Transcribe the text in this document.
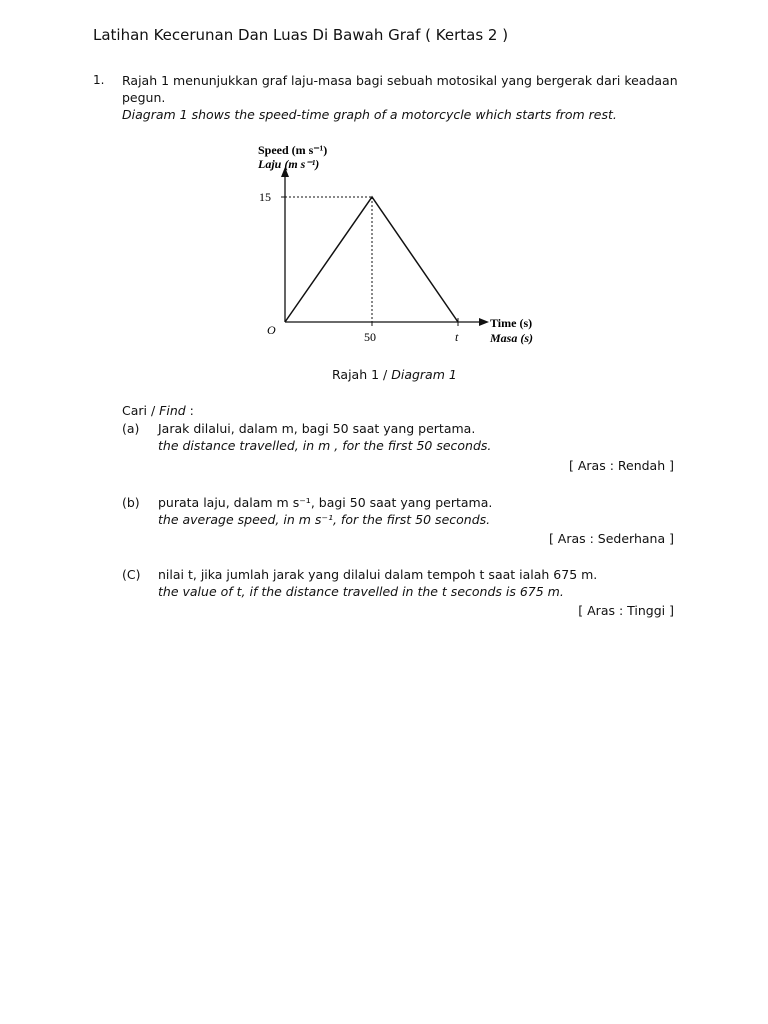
Latihan Kecerunan Dan Luas Di Bawah Graf ( Kertas 2 )
1. Rajah 1 menunjukkan graf laju-masa bagi sebuah motosikal yang bergerak dari keadaan pegun.
Diagram 1 shows the speed-time graph of a motorcycle which starts from rest.
Speed (m s⁻¹)
Laju (m s⁻¹)
15
O	50	t
Time (s)
Masa (s)
Rajah 1 / Diagram 1
Cari / Find :
(a) Jarak dilalui, dalam m, bagi 50 saat yang pertama.
the distance travelled, in m , for the first 50 seconds.
[ Aras : Rendah ]
(b) purata laju, dalam m s⁻¹, bagi 50 saat yang pertama.
the average speed, in m s⁻¹, for the first 50 seconds.
[ Aras : Sederhana ]
(C) nilai t, jika jumlah jarak yang dilalui dalam tempoh t saat ialah 675 m.
the value of t, if the distance travelled in the t seconds is 675 m.
[ Aras : Tinggi ]
